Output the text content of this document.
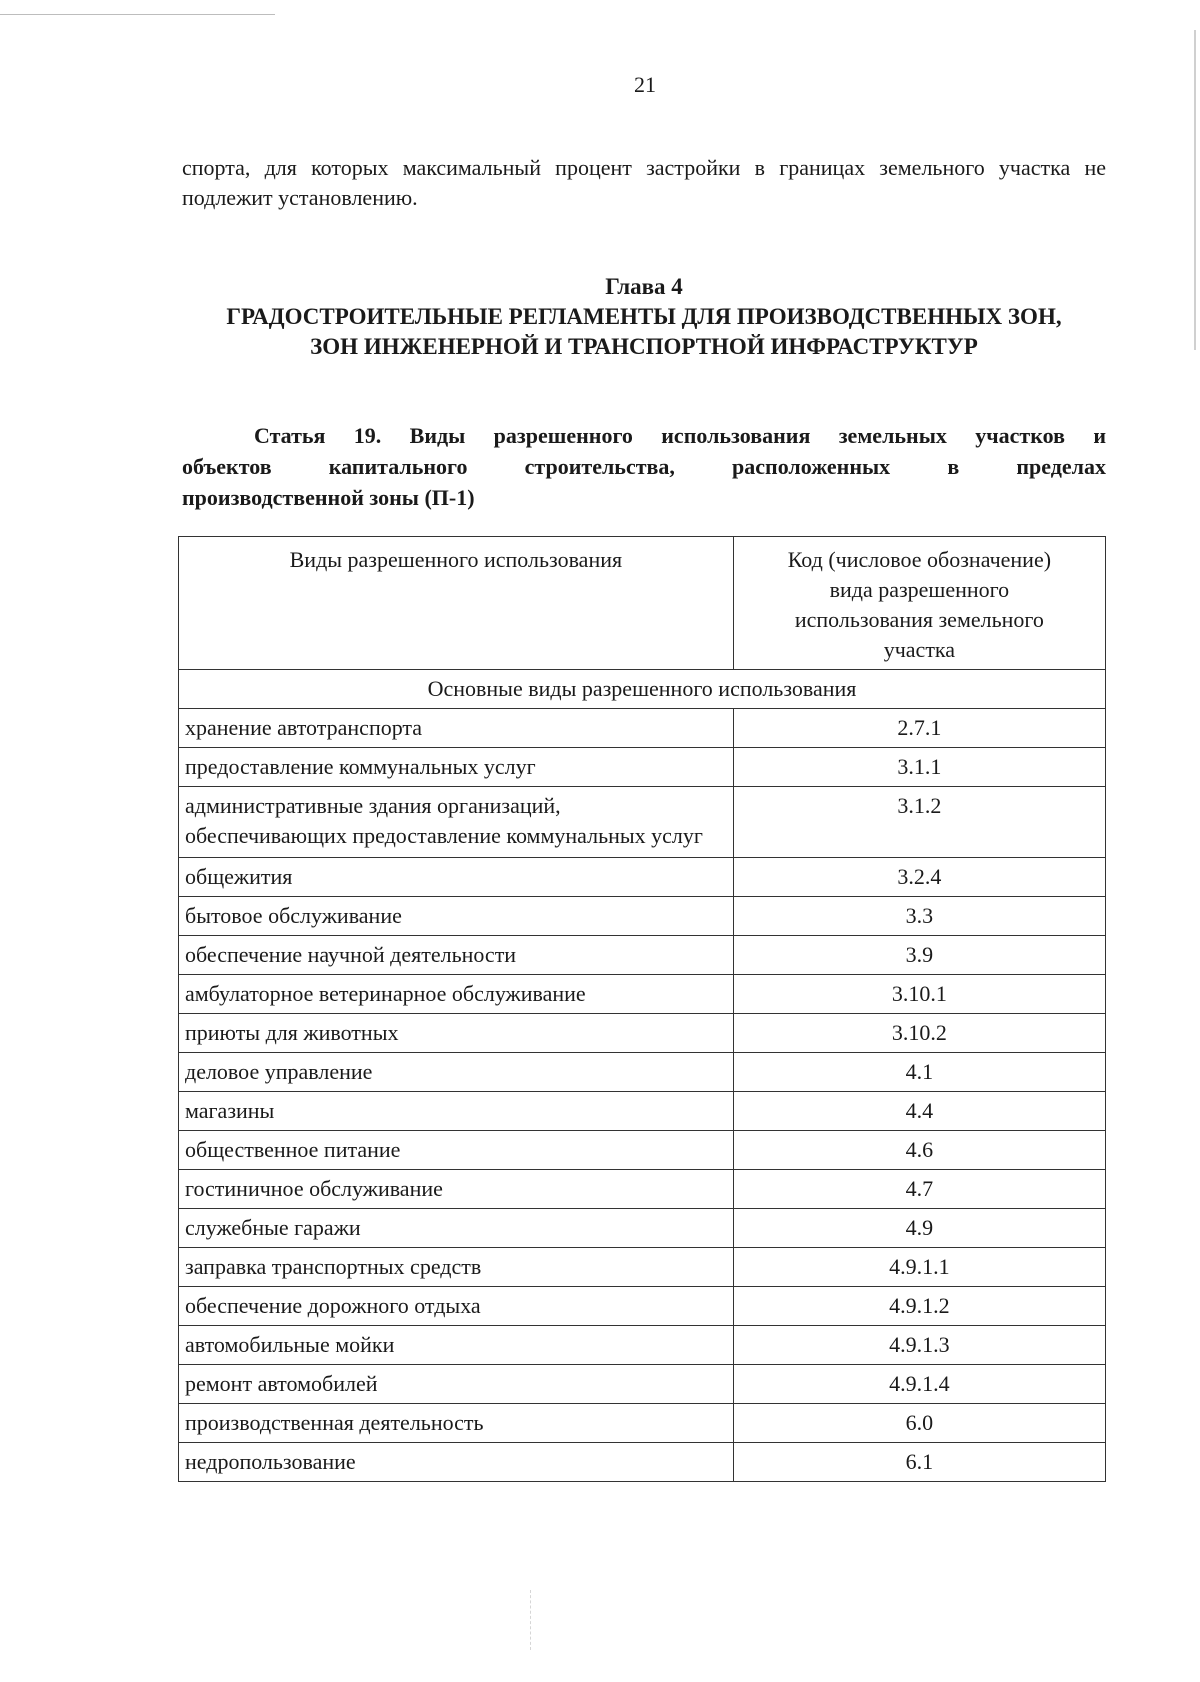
21

спорта, для которых максимальный процент застройки в границах земельного участка не подлежит установлению.

Глава 4
ГРАДОСТРОИТЕЛЬНЫЕ РЕГЛАМЕНТЫ ДЛЯ ПРОИЗВОДСТВЕННЫХ ЗОН, ЗОН ИНЖЕНЕРНОЙ И ТРАНСПОРТНОЙ ИНФРАСТРУКТУР
Статья 19. Виды разрешенного использования земельных участков и
объектов капитального строительства, расположенных в пределах
производственной зоны (П-1)
Виды разрешенного использования	Код (числовое обозначение) вида разрешенного использования земельного участка
Основные виды разрешенного использования	
хранение автотранспорта	2.7.1
предоставление коммунальных услуг	3.1.1
административные здания организаций, обеспечивающих предоставление коммунальных услуг	3.1.2
общежития	3.2.4
бытовое обслуживание	3.3
обеспечение научной деятельности	3.9
амбулаторное ветеринарное обслуживание	3.10.1
приюты для животных	3.10.2
деловое управление	4.1
магазины	4.4
общественное питание	4.6
гостиничное обслуживание	4.7
служебные гаражи	4.9
заправка транспортных средств	4.9.1.1
обеспечение дорожного отдыха	4.9.1.2
автомобильные мойки	4.9.1.3
ремонт автомобилей	4.9.1.4
производственная деятельность	6.0
недропользование	6.1
